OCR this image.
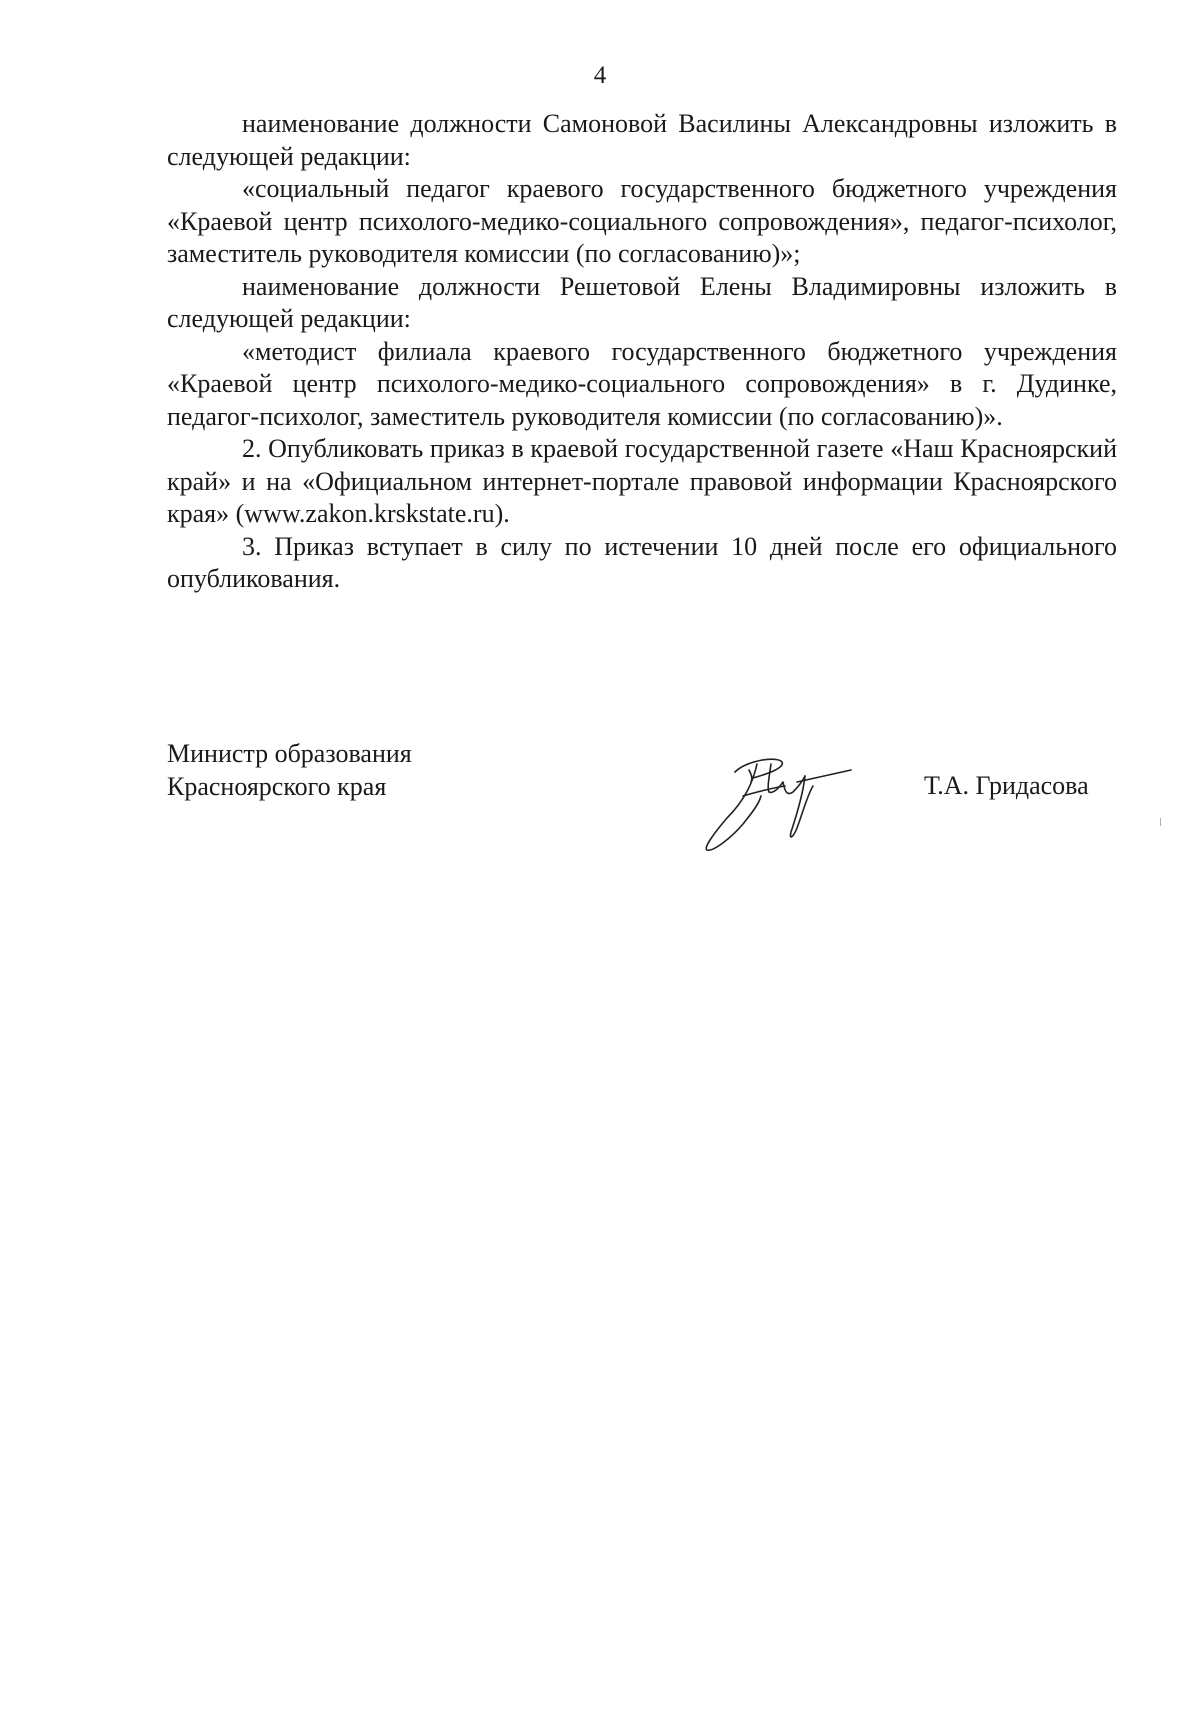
4

наименование должности Самоновой Василины Александровны изложить в следующей редакции:

«социальный педагог краевого государственного бюджетного учреждения «Краевой центр психолого-медико-социального сопровождения», педагог-психолог, заместитель руководителя комиссии (по согласованию)»;

наименование должности Решетовой Елены Владимировны изложить в следующей редакции:

«методист филиала краевого государственного бюджетного учреждения «Краевой центр психолого-медико-социального сопровождения» в г. Дудинке, педагог-психолог, заместитель руководителя комиссии (по согласованию)».

2. Опубликовать приказ в краевой государственной газете «Наш Красноярский край» и на «Официальном интернет-портале правовой информации Красноярского края» (www.zakon.krskstate.ru).

3. Приказ вступает в силу по истечении 10 дней после его официального опубликования.

Министр образования
Красноярского края	Т.А. Гридасова
